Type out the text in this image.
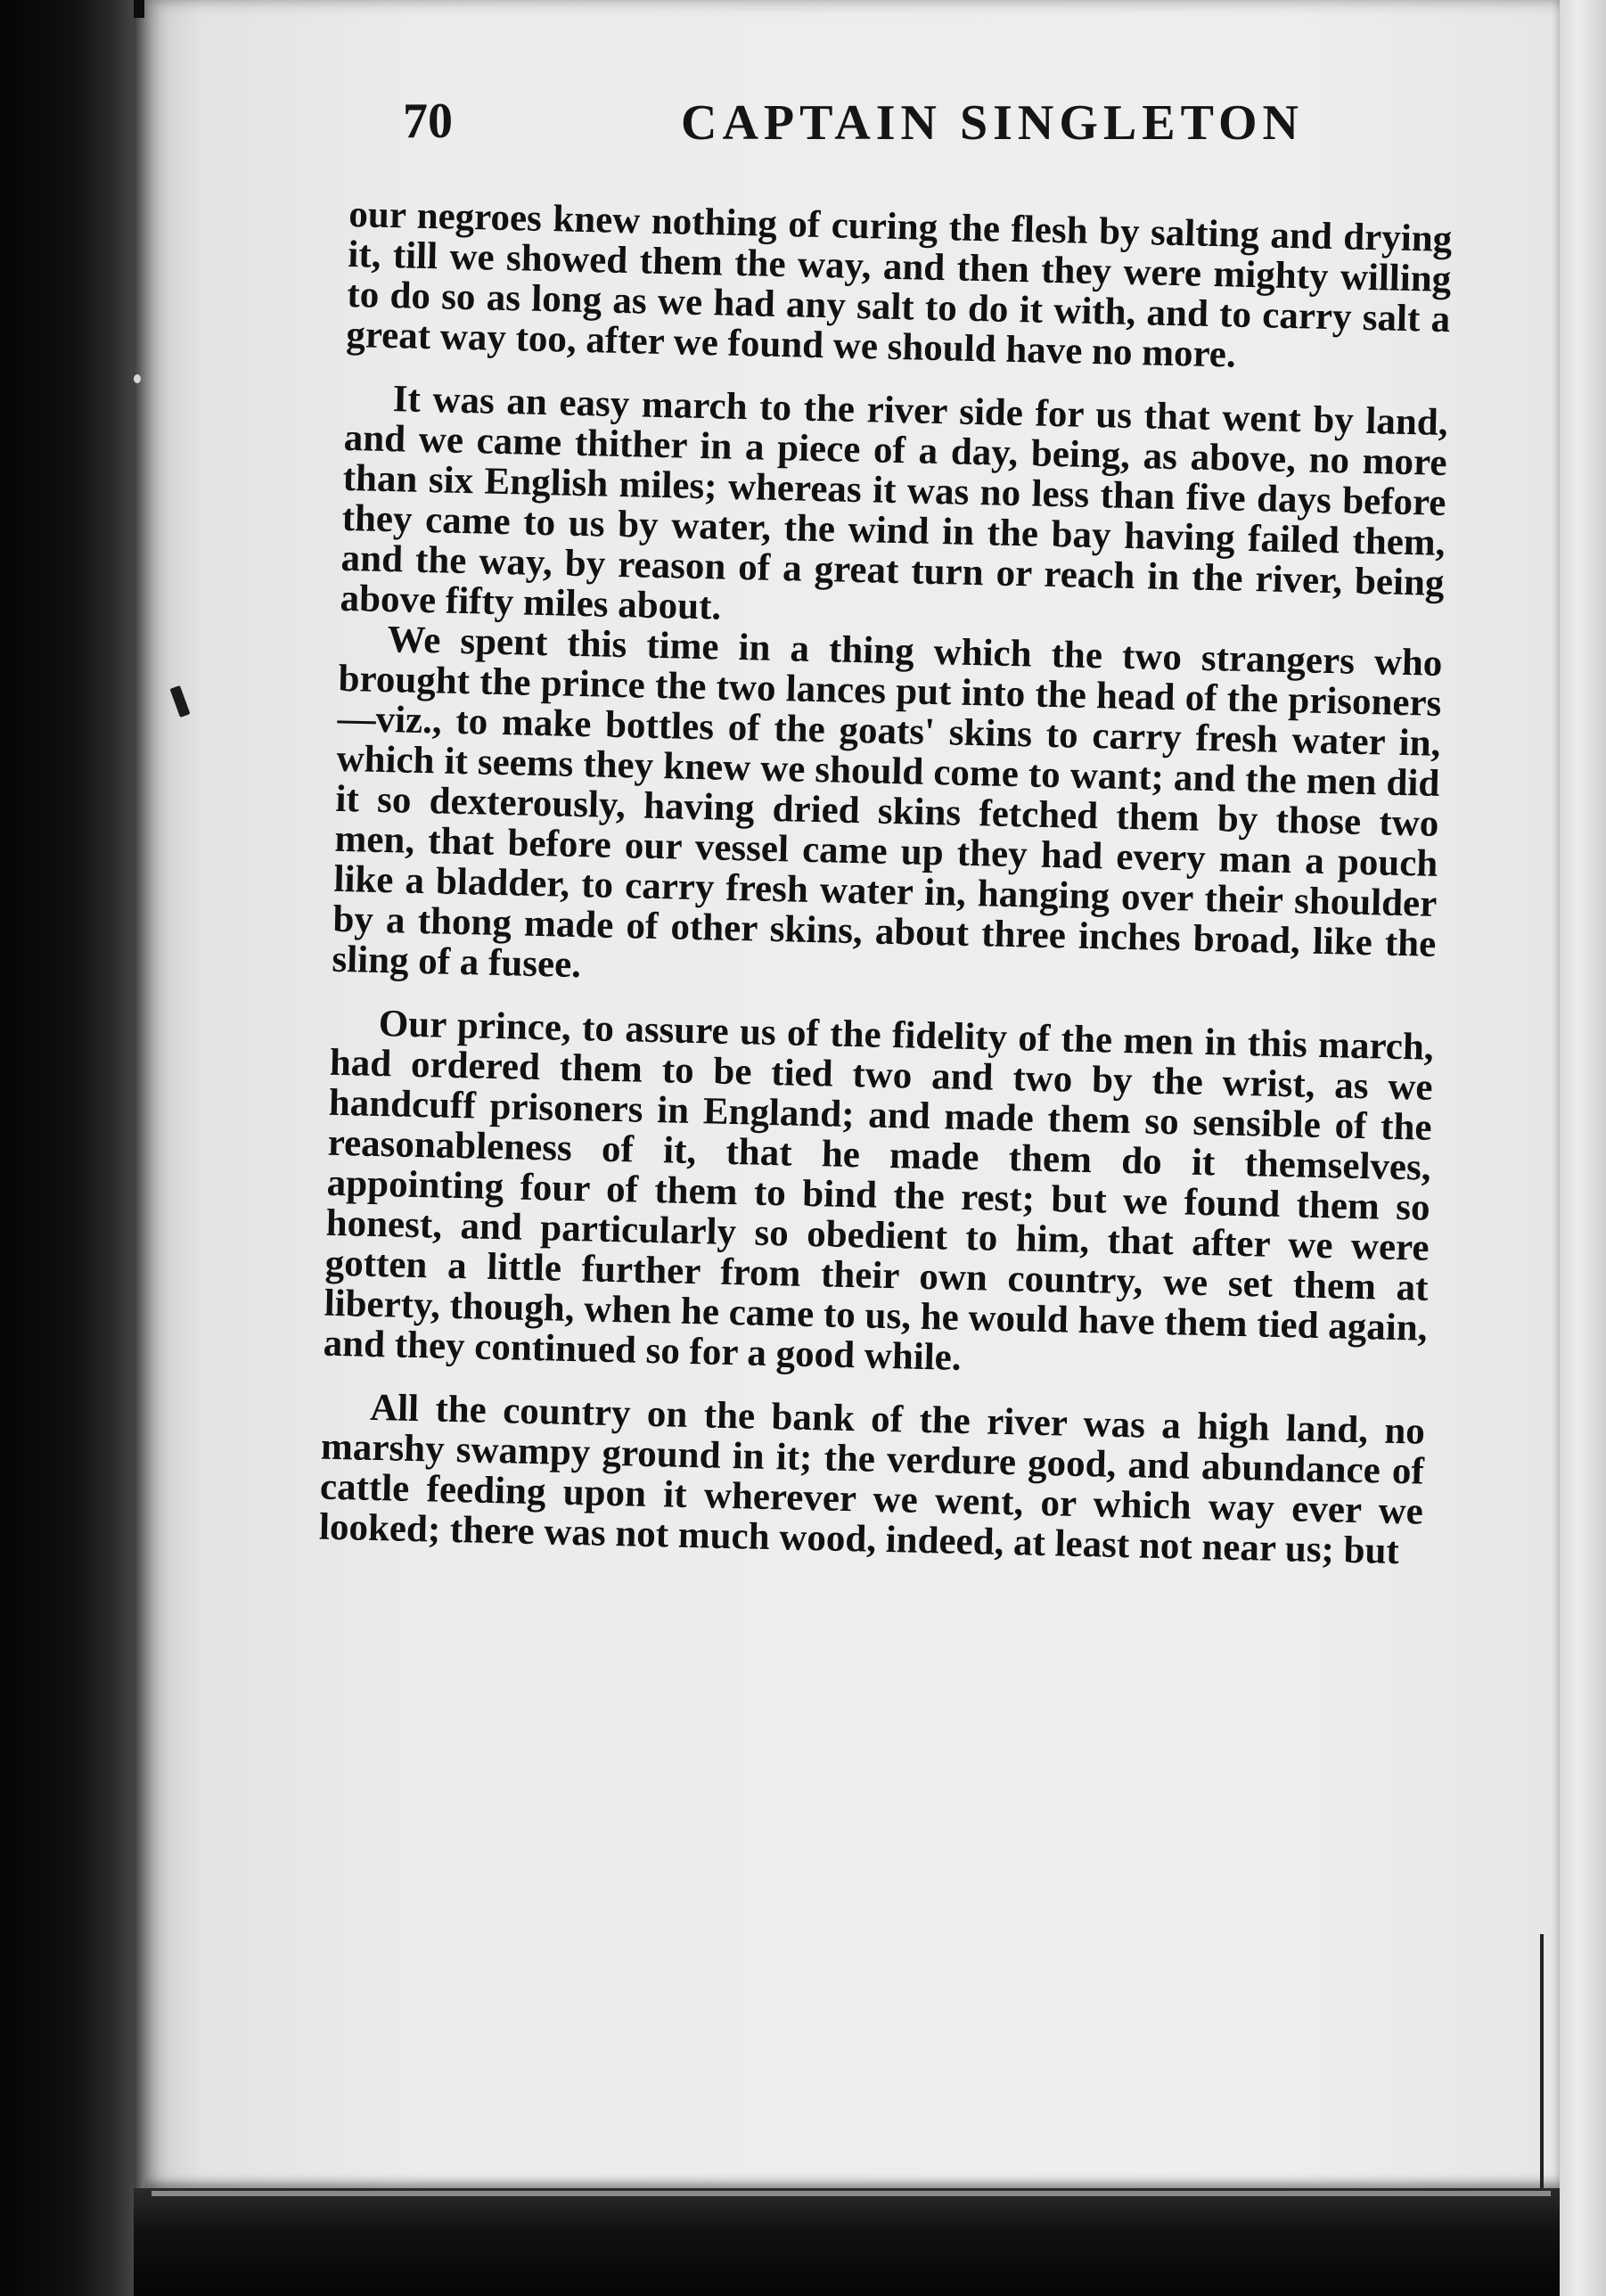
70	CAPTAIN SINGLETON

our negroes knew nothing of curing the flesh by salting and drying it, till we showed them the way, and then they were mighty willing to do so as long as we had any salt to do it with, and to carry salt a great way too, after we found we should have no more.

It was an easy march to the river side for us that went by land, and we came thither in a piece of a day, being, as above, no more than six English miles; whereas it was no less than five days before they came to us by water, the wind in the bay having failed them, and the way, by reason of a great turn or reach in the river, being above fifty miles about.

We spent this time in a thing which the two strangers who brought the prince the two lances put into the head of the prisoners—viz., to make bottles of the goats' skins to carry fresh water in, which it seems they knew we should come to want; and the men did it so dexterously, having dried skins fetched them by those two men, that before our vessel came up they had every man a pouch like a bladder, to carry fresh water in, hanging over their shoulder by a thong made of other skins, about three inches broad, like the sling of a fusee.

Our prince, to assure us of the fidelity of the men in this march, had ordered them to be tied two and two by the wrist, as we handcuff prisoners in England; and made them so sensible of the reasonableness of it, that he made them do it themselves, appointing four of them to bind the rest; but we found them so honest, and particularly so obedient to him, that after we were gotten a little further from their own country, we set them at liberty, though, when he came to us, he would have them tied again, and they continued so for a good while.

All the country on the bank of the river was a high land, no marshy swampy ground in it; the verdure good, and abundance of cattle feeding upon it wherever we went, or which way ever we looked; there was not much wood, indeed, at least not near us; but
